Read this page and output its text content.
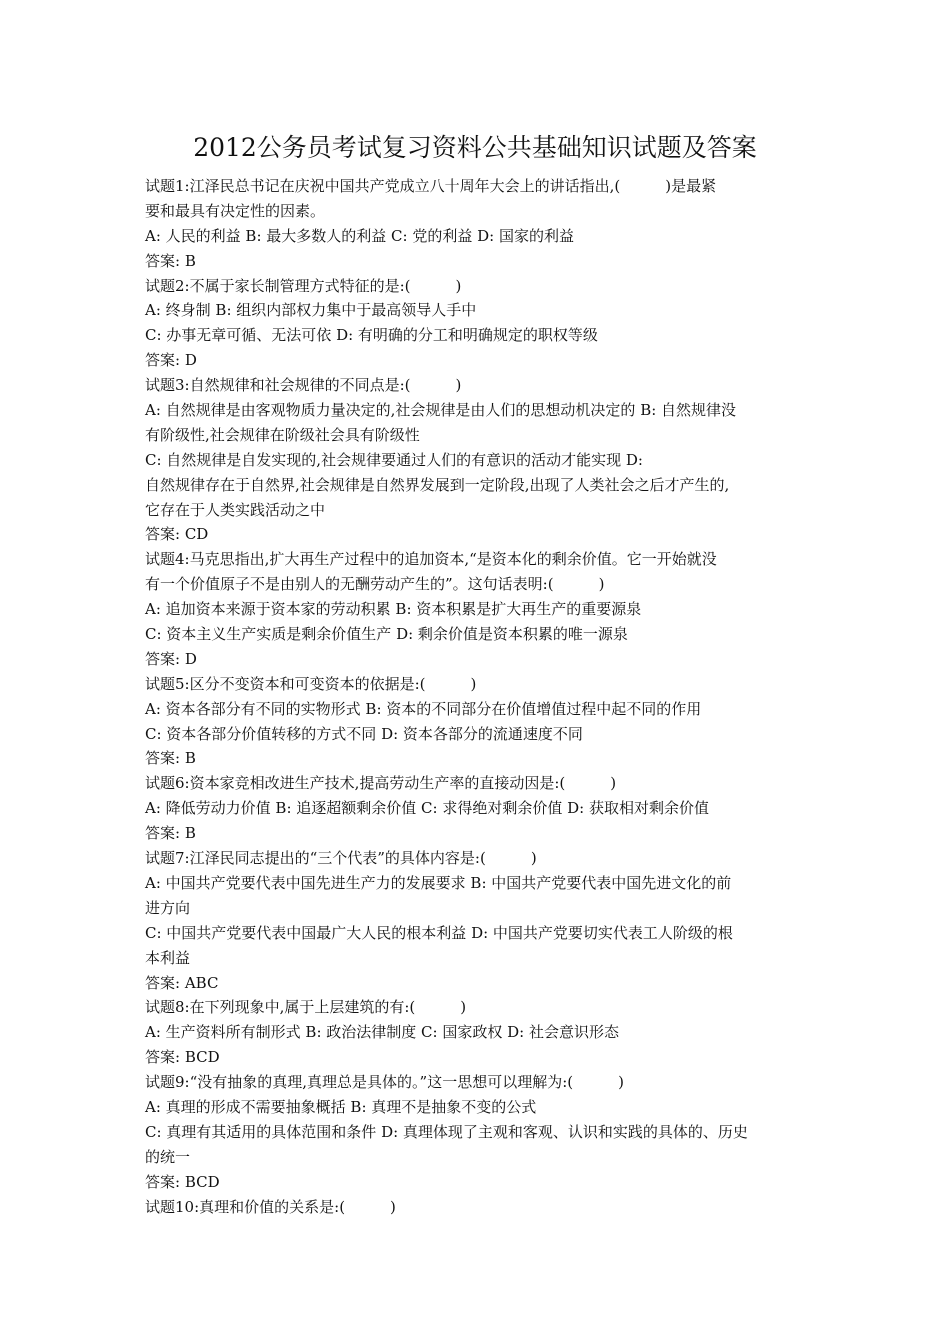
2012公务员考试复习资料公共基础知识试题及答案
试题1:江泽民总书记在庆祝中国共产党成立八十周年大会上的讲话指出,(　　　)是最紧
要和最具有决定性的因素。
A: 人民的利益 B: 最大多数人的利益 C: 党的利益 D: 国家的利益
答案: B
试题2:不属于家长制管理方式特征的是:(　　　)
A: 终身制 B: 组织内部权力集中于最高领导人手中
C: 办事无章可循、无法可依 D: 有明确的分工和明确规定的职权等级
答案: D
试题3:自然规律和社会规律的不同点是:(　　　)
A: 自然规律是由客观物质力量决定的,社会规律是由人们的思想动机决定的 B: 自然规律没
有阶级性,社会规律在阶级社会具有阶级性
C: 自然规律是自发实现的,社会规律要通过人们的有意识的活动才能实现 D:
自然规律存在于自然界,社会规律是自然界发展到一定阶段,出现了人类社会之后才产生的,
它存在于人类实践活动之中
答案: CD
试题4:马克思指出,扩大再生产过程中的追加资本,“是资本化的剩余价值。它一开始就没
有一个价值原子不是由别人的无酬劳动产生的”。这句话表明:(　　　)
A: 追加资本来源于资本家的劳动积累 B: 资本积累是扩大再生产的重要源泉
C: 资本主义生产实质是剩余价值生产 D: 剩余价值是资本积累的唯一源泉
答案: D
试题5:区分不变资本和可变资本的依据是:(　　　)
A: 资本各部分有不同的实物形式 B: 资本的不同部分在价值增值过程中起不同的作用
C: 资本各部分价值转移的方式不同 D: 资本各部分的流通速度不同
答案: B
试题6:资本家竞相改进生产技术,提高劳动生产率的直接动因是:(　　　)
A: 降低劳动力价值 B: 追逐超额剩余价值 C: 求得绝对剩余价值 D: 获取相对剩余价值
答案: B
试题7:江泽民同志提出的“三个代表”的具体内容是:(　　　)
A: 中国共产党要代表中国先进生产力的发展要求 B: 中国共产党要代表中国先进文化的前
进方向
C: 中国共产党要代表中国最广大人民的根本利益 D: 中国共产党要切实代表工人阶级的根
本利益
答案: ABC
试题8:在下列现象中,属于上层建筑的有:(　　　)
A: 生产资料所有制形式 B: 政治法律制度 C: 国家政权 D: 社会意识形态
答案: BCD
试题9:“没有抽象的真理,真理总是具体的。”这一思想可以理解为:(　　　)
A: 真理的形成不需要抽象概括 B: 真理不是抽象不变的公式
C: 真理有其适用的具体范围和条件 D: 真理体现了主观和客观、认识和实践的具体的、历史
的统一
答案: BCD
试题10:真理和价值的关系是:(　　　)
